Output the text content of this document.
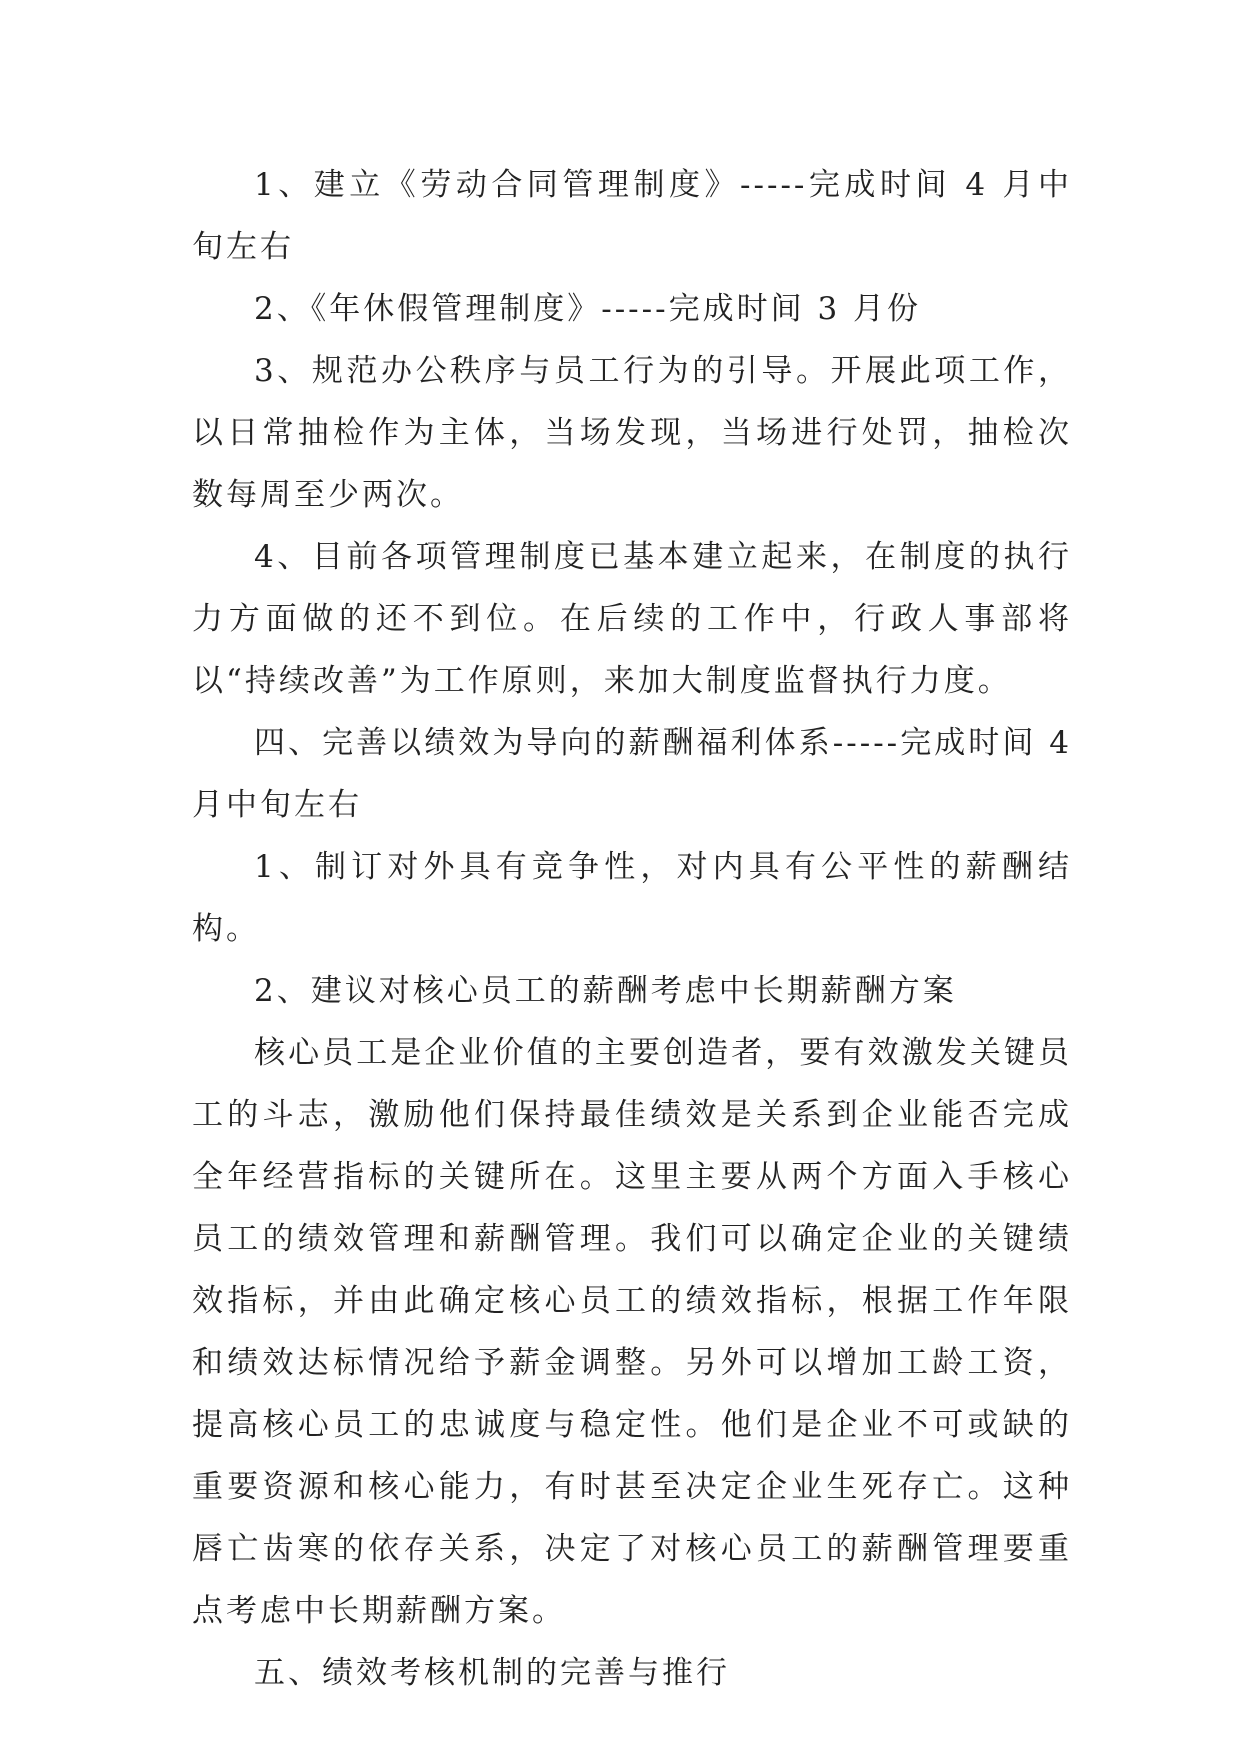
1、建立《劳动合同管理制度》-----完成时间 4 月中旬左右

2、《年休假管理制度》-----完成时间 3 月份

3、规范办公秩序与员工行为的引导。开展此项工作，以日常抽检作为主体，当场发现，当场进行处罚，抽检次数每周至少两次。

4、目前各项管理制度已基本建立起来，在制度的执行力方面做的还不到位。在后续的工作中，行政人事部将以“持续改善”为工作原则，来加大制度监督执行力度。

四、完善以绩效为导向的薪酬福利体系-----完成时间 4 月中旬左右

1、制订对外具有竞争性，对内具有公平性的薪酬结构。

2、建议对核心员工的薪酬考虑中长期薪酬方案

核心员工是企业价值的主要创造者，要有效激发关键员工的斗志，激励他们保持最佳绩效是关系到企业能否完成全年经营指标的关键所在。这里主要从两个方面入手核心员工的绩效管理和薪酬管理。我们可以确定企业的关键绩效指标，并由此确定核心员工的绩效指标，根据工作年限和绩效达标情况给予薪金调整。另外可以增加工龄工资，提高核心员工的忠诚度与稳定性。他们是企业不可或缺的重要资源和核心能力，有时甚至决定企业生死存亡。这种唇亡齿寒的依存关系，决定了对核心员工的薪酬管理要重点考虑中长期薪酬方案。

五、绩效考核机制的完善与推行
